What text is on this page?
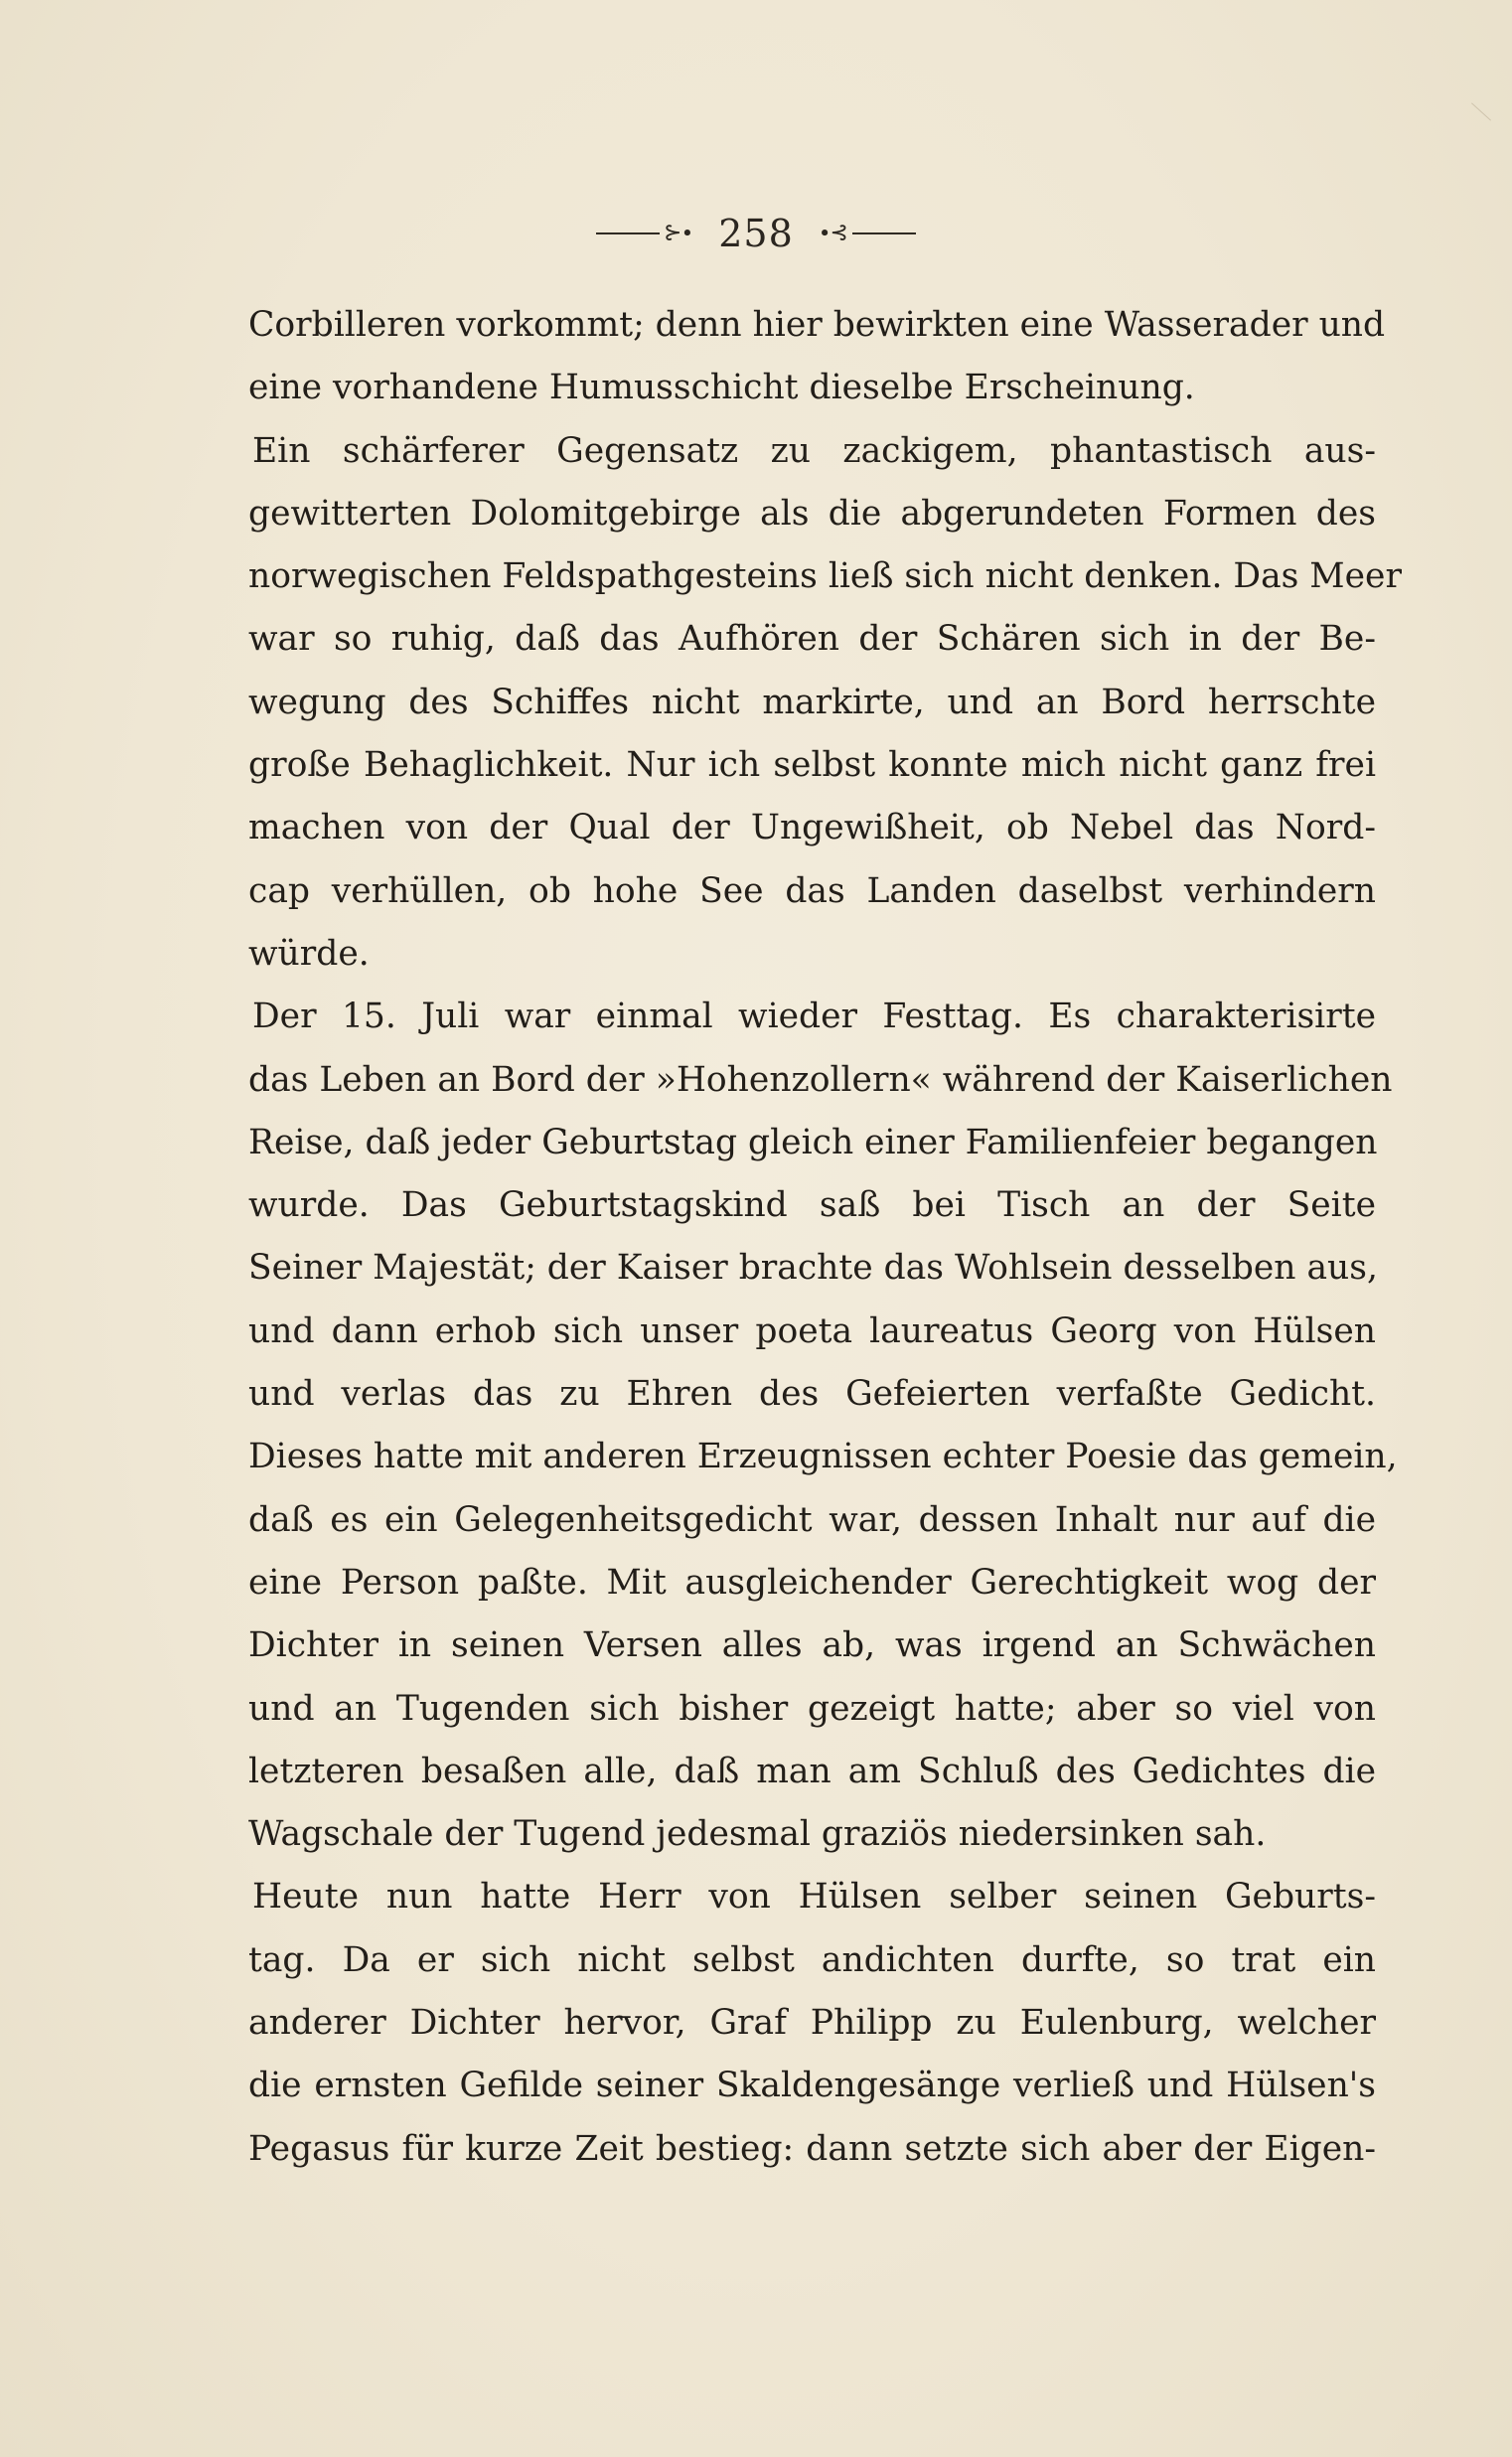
⊱∙ 258 ∙⊰
Corbilleren vorkommt; denn hier bewirkten eine Wasserader und
eine vorhandene Humusschicht dieselbe Erscheinung.
Ein schärferer Gegensatz zu zackigem, phantastisch aus-
gewitterten Dolomitgebirge als die abgerundeten Formen des
norwegischen Feldspathgesteins ließ sich nicht denken. Das Meer
war so ruhig, daß das Aufhören der Schären sich in der Be-
wegung des Schiffes nicht markirte, und an Bord herrschte
große Behaglichkeit. Nur ich selbst konnte mich nicht ganz frei
machen von der Qual der Ungewißheit, ob Nebel das Nord-
cap verhüllen, ob hohe See das Landen daselbst verhindern
würde.
Der 15. Juli war einmal wieder Festtag. Es charakterisirte
das Leben an Bord der »Hohenzollern« während der Kaiserlichen
Reise, daß jeder Geburtstag gleich einer Familienfeier begangen
wurde. Das Geburtstagskind saß bei Tisch an der Seite
Seiner Majestät; der Kaiser brachte das Wohlsein desselben aus,
und dann erhob sich unser poeta laureatus Georg von Hülsen
und verlas das zu Ehren des Gefeierten verfaßte Gedicht.
Dieses hatte mit anderen Erzeugnissen echter Poesie das gemein,
daß es ein Gelegenheitsgedicht war, dessen Inhalt nur auf die
eine Person paßte. Mit ausgleichender Gerechtigkeit wog der
Dichter in seinen Versen alles ab, was irgend an Schwächen
und an Tugenden sich bisher gezeigt hatte; aber so viel von
letzteren besaßen alle, daß man am Schluß des Gedichtes die
Wagschale der Tugend jedesmal graziös niedersinken sah.
Heute nun hatte Herr von Hülsen selber seinen Geburts-
tag. Da er sich nicht selbst andichten durfte, so trat ein
anderer Dichter hervor, Graf Philipp zu Eulenburg, welcher
die ernsten Gefilde seiner Skaldengesänge verließ und Hülsen's
Pegasus für kurze Zeit bestieg: dann setzte sich aber der Eigen-
